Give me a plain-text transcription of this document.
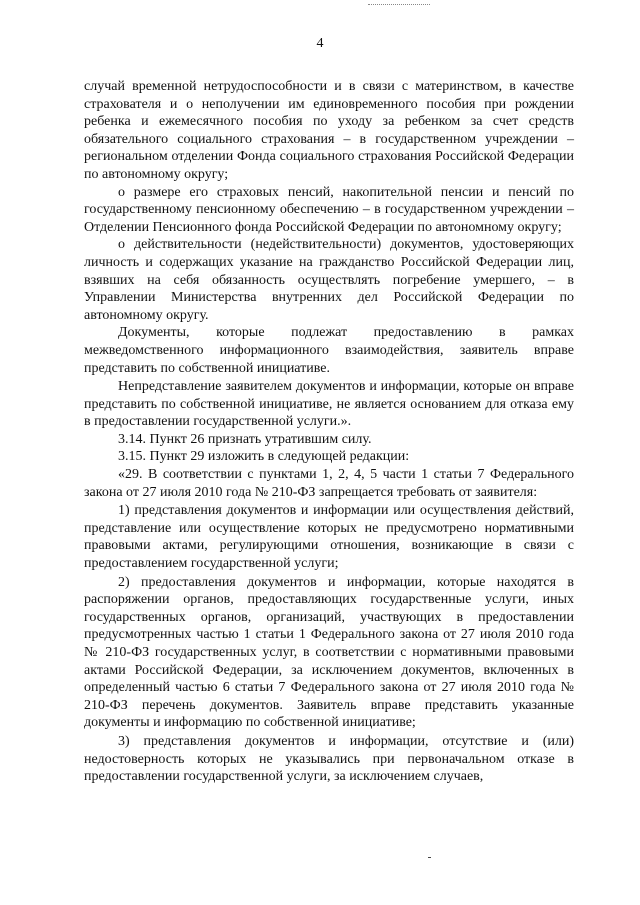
4

случай временной нетрудоспособности и в связи с материнством, в качестве страхователя и о неполучении им единовременного пособия при рождении ребенка и ежемесячного пособия по уходу за ребенком за счет средств обязательного социального страхования – в государственном учреждении – региональном отделении Фонда социального страхования Российской Федерации по автономному округу;

о размере его страховых пенсий, накопительной пенсии и пенсий по государственному пенсионному обеспечению – в государственном учреждении – Отделении Пенсионного фонда Российской Федерации по автономному округу;

о действительности (недействительности) документов, удостоверяющих личность и содержащих указание на гражданство Российской Федерации лиц, взявших на себя обязанность осуществлять погребение умершего, – в Управлении Министерства внутренних дел Российской Федерации по автономному округу.

Документы, которые подлежат предоставлению в рамках межведомственного информационного взаимодействия, заявитель вправе представить по собственной инициативе.

Непредставление заявителем документов и информации, которые он вправе представить по собственной инициативе, не является основанием для отказа ему в предоставлении государственной услуги.».

3.14. Пункт 26 признать утратившим силу.

3.15. Пункт 29 изложить в следующей редакции:

«29. В соответствии с пунктами 1, 2, 4, 5 части 1 статьи 7 Федерального закона от 27 июля 2010 года № 210-ФЗ запрещается требовать от заявителя:

1) представления документов и информации или осуществления действий, представление или осуществление которых не предусмотрено нормативными правовыми актами, регулирующими отношения, возникающие в связи с предоставлением государственной услуги;

2) предоставления документов и информации, которые находятся в распоряжении органов, предоставляющих государственные услуги, иных государственных органов, организаций, участвующих в предоставлении предусмотренных частью 1 статьи 1 Федерального закона от 27 июля 2010 года № 210-ФЗ государственных услуг, в соответствии с нормативными правовыми актами Российской Федерации, за исключением документов, включенных в определенный частью 6 статьи 7 Федерального закона от 27 июля 2010 года № 210-ФЗ перечень документов. Заявитель вправе представить указанные документы и информацию по собственной инициативе;

3) представления документов и информации, отсутствие и (или) недостоверность которых не указывались при первоначальном отказе в предоставлении государственной услуги, за исключением случаев,
